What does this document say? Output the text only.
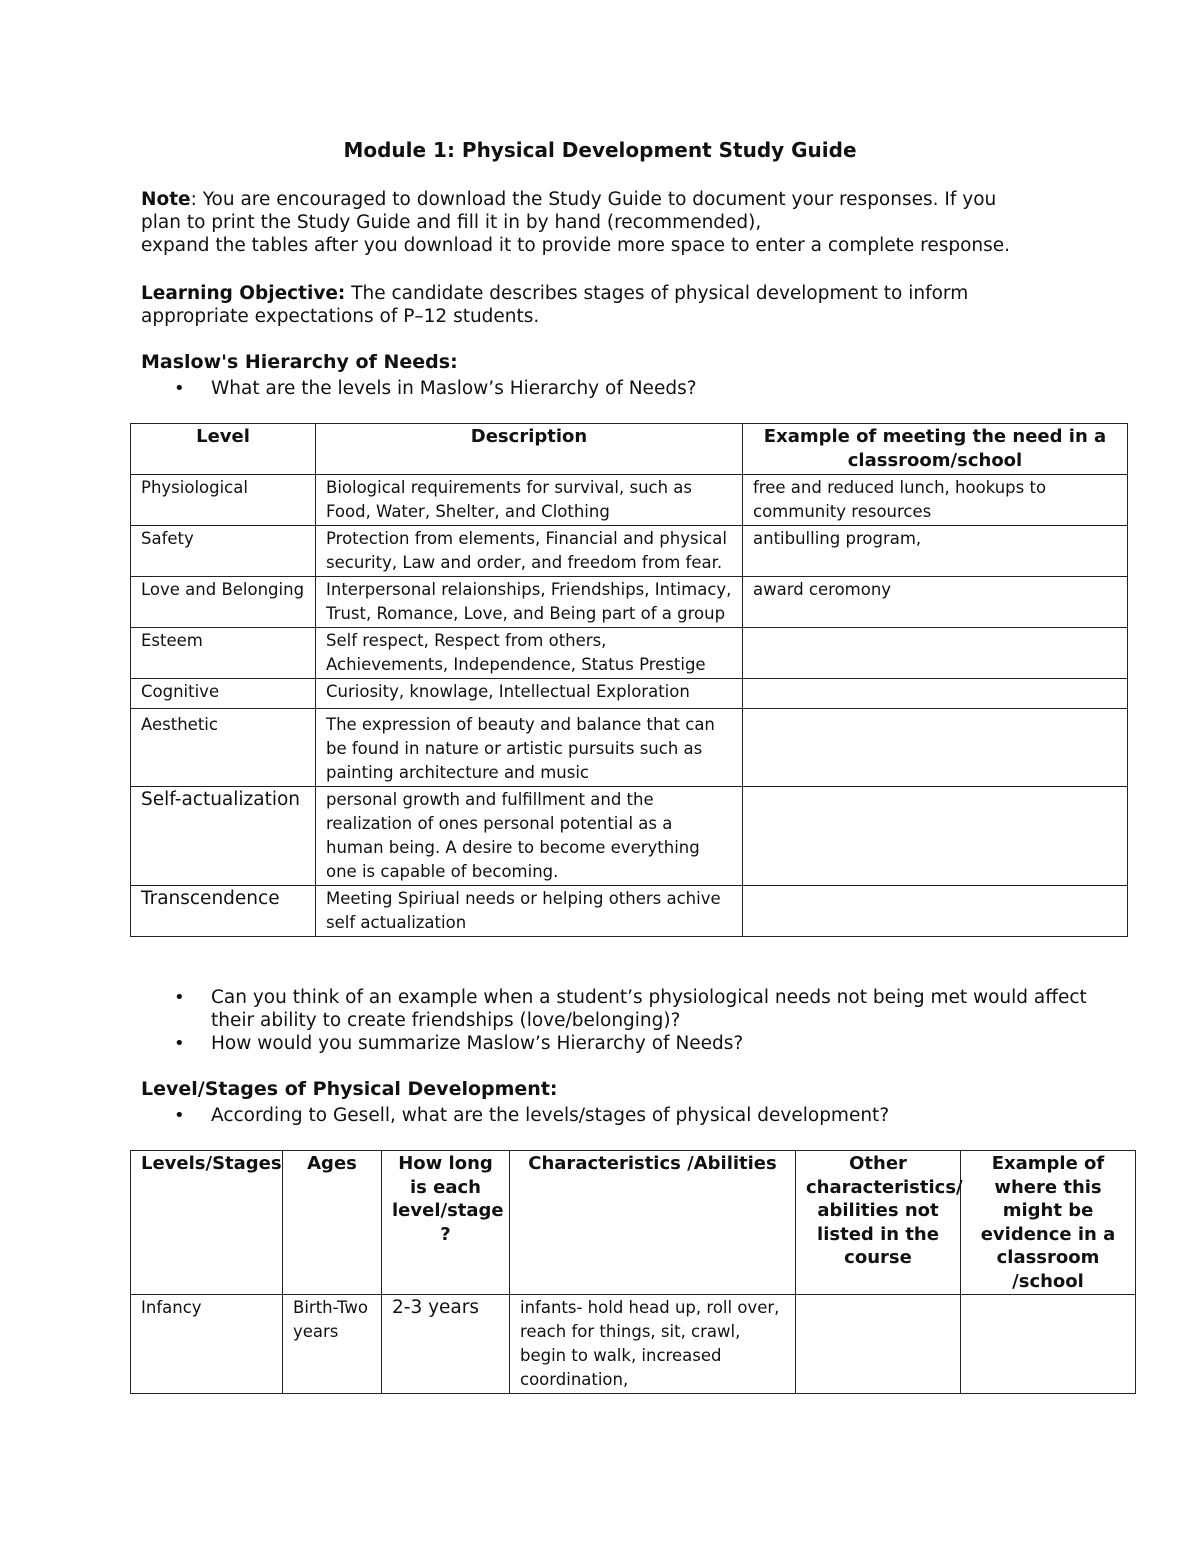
Module 1: Physical Development Study Guide
Note: You are encouraged to download the Study Guide to document your responses. If you
plan to print the Study Guide and fill it in by hand (recommended),
expand the tables after you download it to provide more space to enter a complete response.
Learning Objective: The candidate describes stages of physical development to inform
appropriate expectations of P–12 students.
Maslow's Hierarchy of Needs:
• What are the levels in Maslow’s Hierarchy of Needs?
Level	Description	Example of meeting the need in a classroom/school
Physiological	Biological requirements for survival, such as Food, Water, Shelter, and Clothing	free and reduced lunch, hookups to community resources
Safety	Protection from elements, Financial and physical security, Law and order, and freedom from fear.	antibulling program,
Love and Belonging	Interpersonal relaionships, Friendships, Intimacy, Trust, Romance, Love, and Being part of a group	award ceromony
Esteem	Self respect, Respect from others, Achievements, Independence, Status Prestige	
Cognitive	Curiosity, knowlage, Intellectual Exploration	
Aesthetic	The expression of beauty and balance that can be found in nature or artistic pursuits such as painting architecture and music	
Self-actualization	personal growth and fulfillment and the realization of ones personal potential as a human being. A desire to become everything one is capable of becoming.	
Transcendence	Meeting Spiriual needs or helping others achive self actualization	
• Can you think of an example when a student’s physiological needs not being met would affect their ability to create friendships (love/belonging)?
• How would you summarize Maslow’s Hierarchy of Needs?
Level/Stages of Physical Development:
• According to Gesell, what are the levels/stages of physical development?
Levels/Stages	Ages	How long is each level/stage ?	Characteristics /Abilities	Other characteristics/ abilities not listed in the course	Example of where this might be evidence in a classroom /school
Infancy	Birth-Two years	2-3 years	infants- hold head up, roll over, reach for things, sit, crawl, begin to walk, increased coordination,		
